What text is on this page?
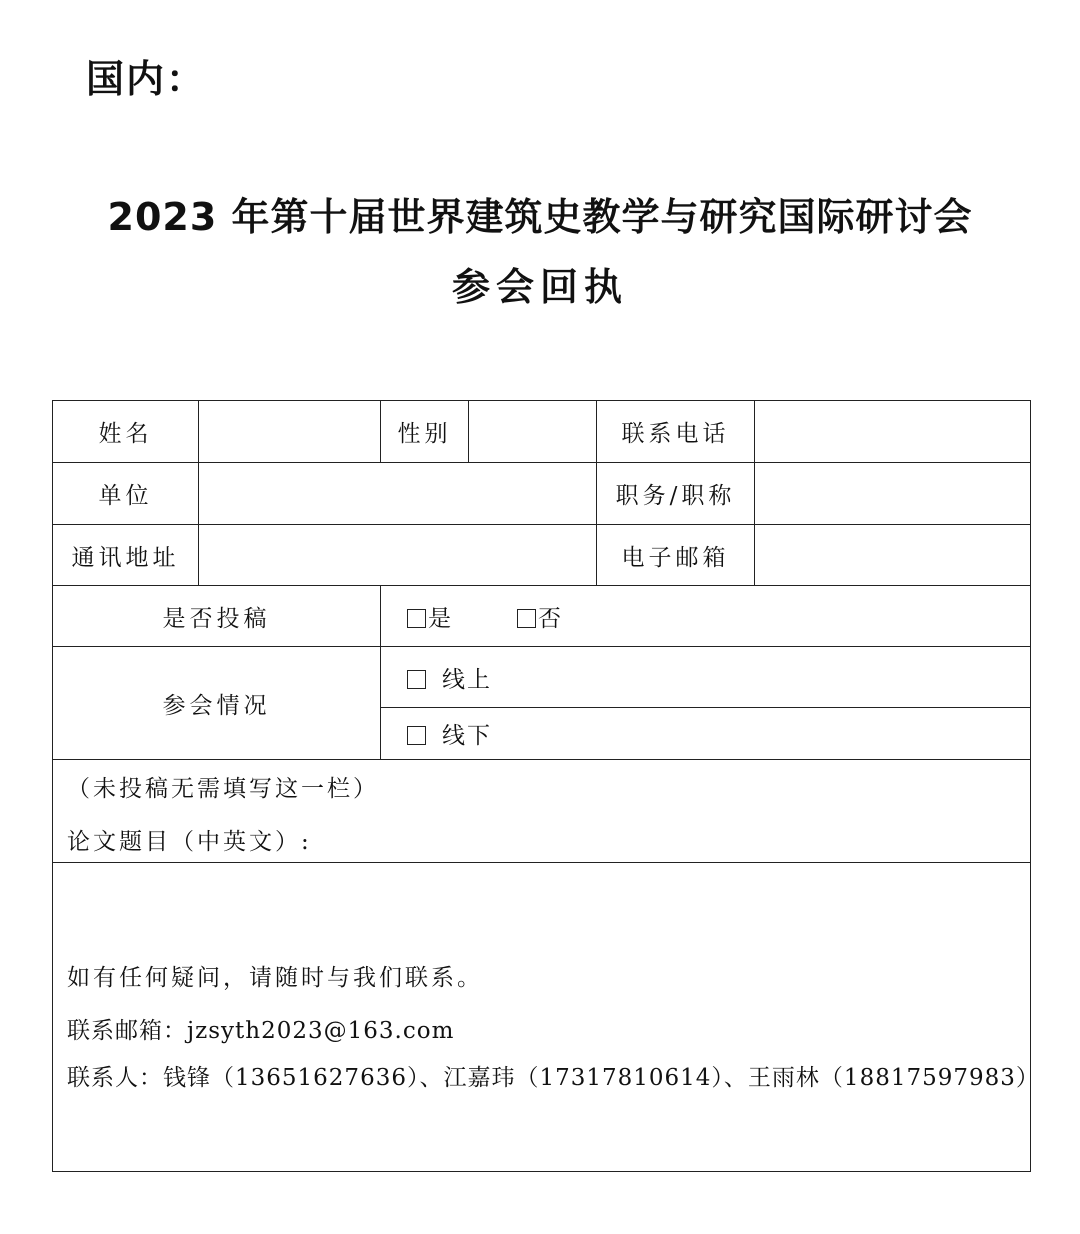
国内：
2023 年第十届世界建筑史教学与研究国际研讨会
参会回执
姓名		性别		联系电话	
单位				职务/职称	
通讯地址				电子邮箱	
是否投稿		是 否			
参会情况		线上			
		线下			

（未投稿无需填写这一栏）
论文题目（中英文）:					

如有任何疑问，请随时与我们联系。
联系邮箱：jzsyth2023@163.com
联系人：钱锋（13651627636）、江嘉玮（17317810614）、王雨林（18817597983）					
